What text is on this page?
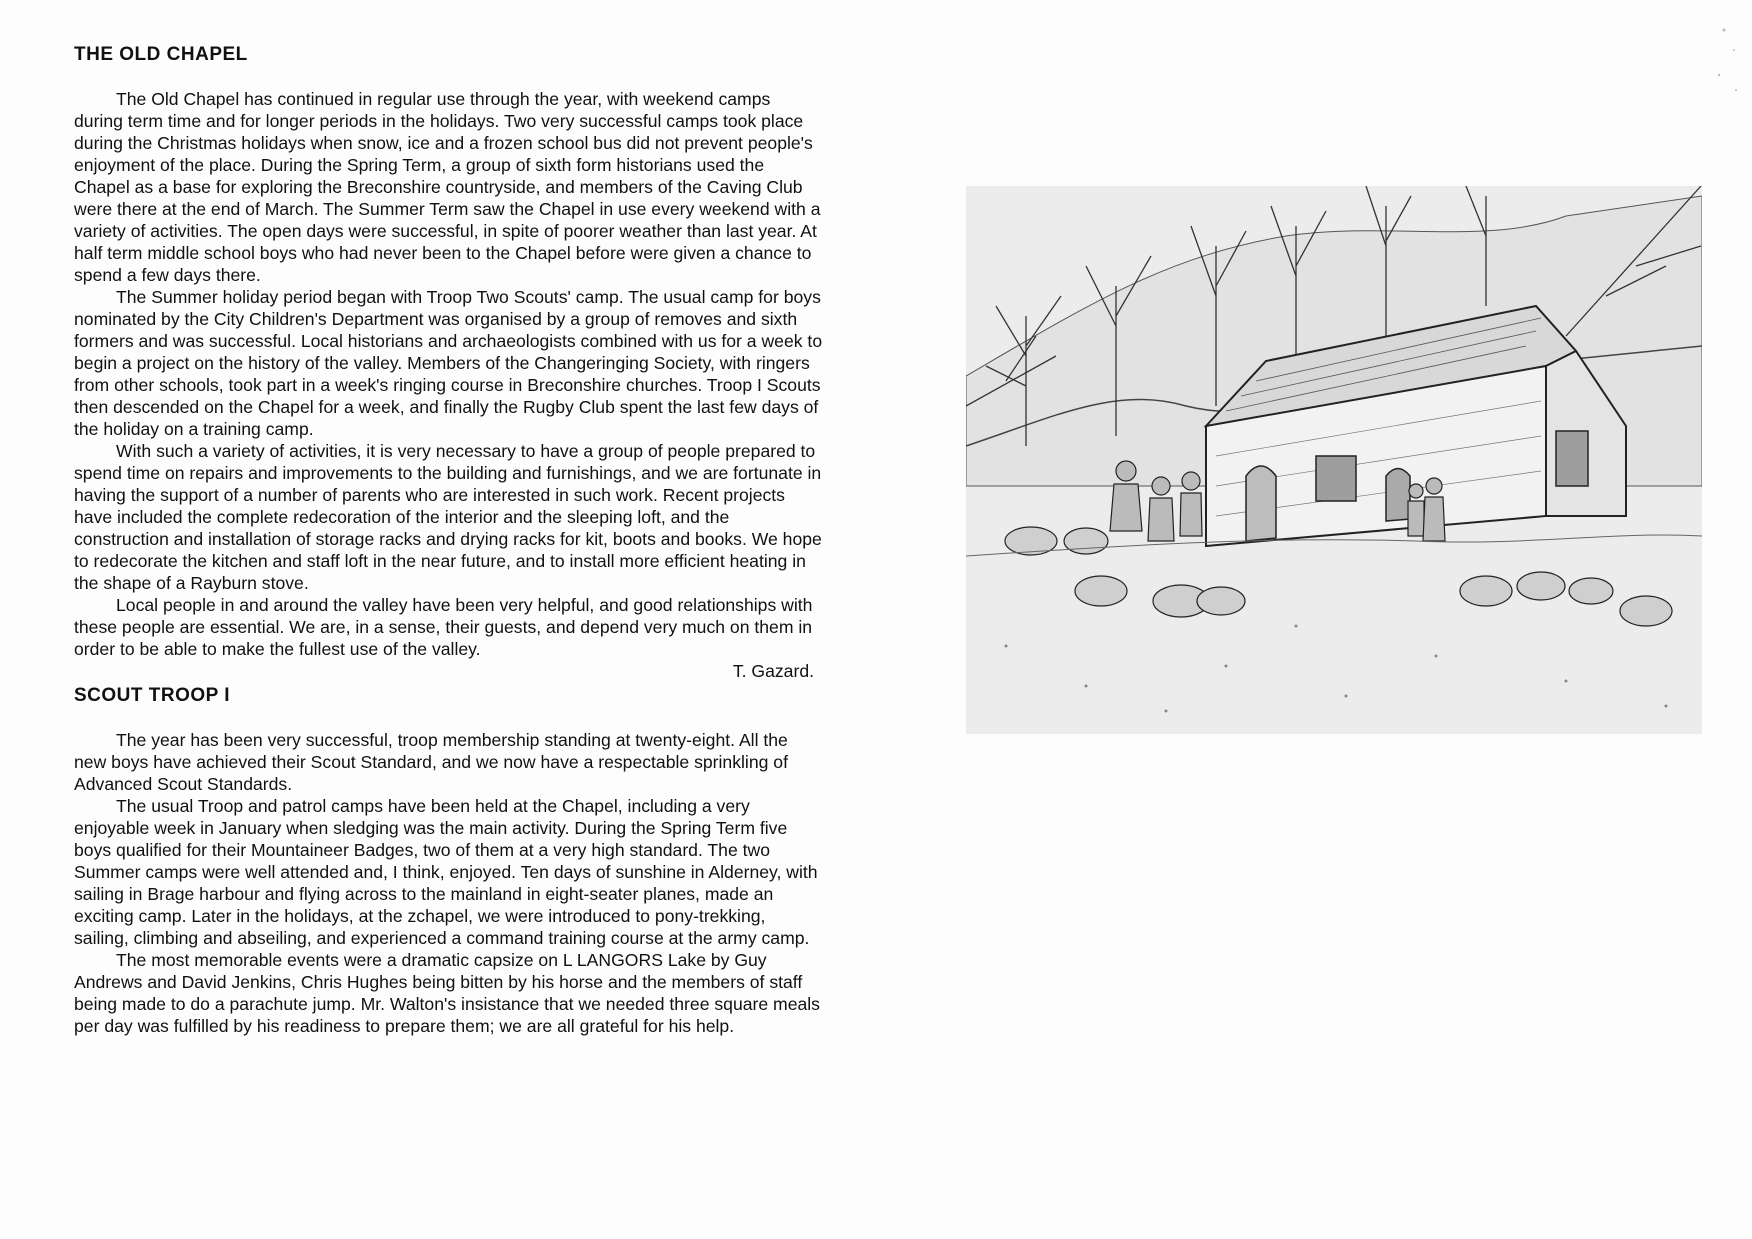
THE OLD CHAPEL

The Old Chapel has continued in regular use through the year, with weekend camps during term time and for longer periods in the holidays. Two very successful camps took place during the Christmas holidays when snow, ice and a frozen school bus did not prevent people's enjoyment of the place. During the Spring Term, a group of sixth form historians used the Chapel as a base for exploring the Breconshire countryside, and members of the Caving Club were there at the end of March. The Summer Term saw the Chapel in use every weekend with a variety of activities. The open days were successful, in spite of poorer weather than last year. At half term middle school boys who had never been to the Chapel before were given a chance to spend a few days there.

The Summer holiday period began with Troop Two Scouts' camp. The usual camp for boys nominated by the City Children's Department was organised by a group of removes and sixth formers and was successful. Local historians and archaeologists combined with us for a week to begin a project on the history of the valley. Members of the Changeringing Society, with ringers from other schools, took part in a week's ringing course in Breconshire churches. Troop I Scouts then descended on the Chapel for a week, and finally the Rugby Club spent the last few days of the holiday on a training camp.

With such a variety of activities, it is very necessary to have a group of people prepared to spend time on repairs and improvements to the building and furnishings, and we are fortunate in having the support of a number of parents who are interested in such work. Recent projects have included the complete redecoration of the interior and the sleeping loft, and the construction and installation of storage racks and drying racks for kit, boots and books. We hope to redecorate the kitchen and staff loft in the near future, and to install more efficient heating in the shape of a Rayburn stove.

Local people in and around the valley have been very helpful, and good relationships with these people are essential. We are, in a sense, their guests, and depend very much on them in order to be able to make the fullest use of the valley.

T. Gazard.
SCOUT TROOP I

The year has been very successful, troop membership standing at twenty-eight. All the new boys have achieved their Scout Standard, and we now have a respectable sprinkling of Advanced Scout Standards.

The usual Troop and patrol camps have been held at the Chapel, including a very enjoyable week in January when sledging was the main activity. During the Spring Term five boys qualified for their Mountaineer Badges, two of them at a very high standard. The two Summer camps were well attended and, I think, enjoyed. Ten days of sunshine in Alderney, with sailing in Brage harbour and flying across to the mainland in eight-seater planes, made an exciting camp. Later in the holidays, at the zchapel, we were introduced to pony-trekking, sailing, climbing and abseiling, and experienced a command training course at the army camp.

The most memorable events were a dramatic capsize on L LANGORS Lake by Guy Andrews and David Jenkins, Chris Hughes being bitten by his horse and the members of staff being made to do a parachute jump. Mr. Walton's insistance that we needed three square meals per day was fulfilled by his readiness to prepare them; we are all grateful for his help.
